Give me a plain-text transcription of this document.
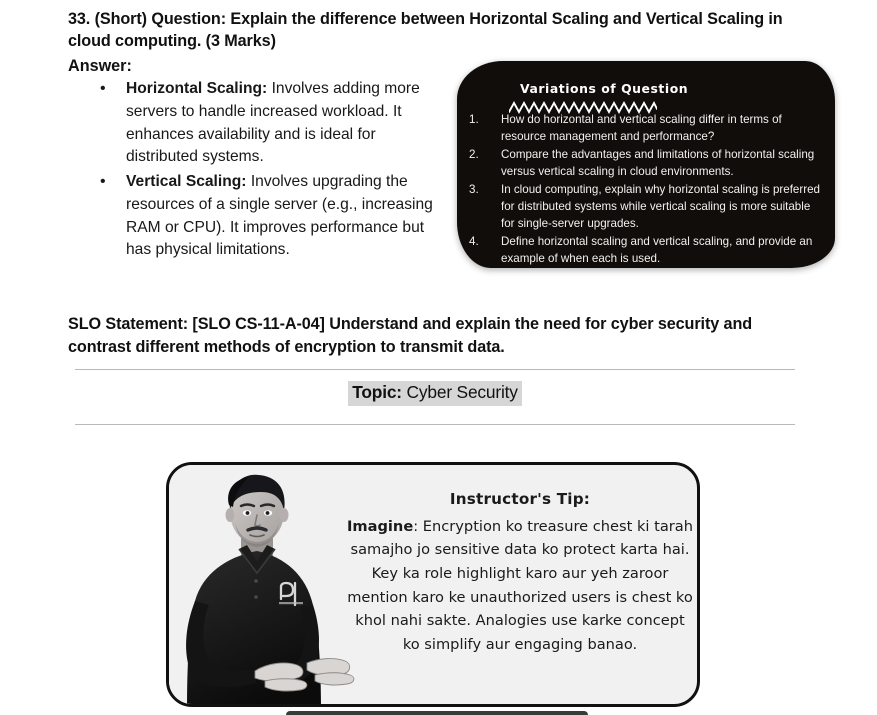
33. (Short) Question: Explain the difference between Horizontal Scaling and Vertical Scaling in cloud computing. (3 Marks)

Answer:

• Horizontal Scaling: Involves adding more servers to handle increased workload. It enhances availability and is ideal for distributed systems.
• Vertical Scaling: Involves upgrading the resources of a single server (e.g., increasing RAM or CPU). It improves performance but has physical limitations.
Variations of Question
1. How do horizontal and vertical scaling differ in terms of resource management and performance?
2. Compare the advantages and limitations of horizontal scaling versus vertical scaling in cloud environments.
3. In cloud computing, explain why horizontal scaling is preferred for distributed systems while vertical scaling is more suitable for single-server upgrades.
4. Define horizontal scaling and vertical scaling, and provide an example of when each is used.
SLO Statement: [SLO CS-11-A-04] Understand and explain the need for cyber security and contrast different methods of encryption to transmit data.
Topic: Cyber Security
Instructor's Tip:
Imagine: Encryption ko treasure chest ki tarah samajho jo sensitive data ko protect karta hai. Key ka role highlight karo aur yeh zaroor mention karo ke unauthorized users is chest ko khol nahi sakte. Analogies use karke concept ko simplify aur engaging banao.
